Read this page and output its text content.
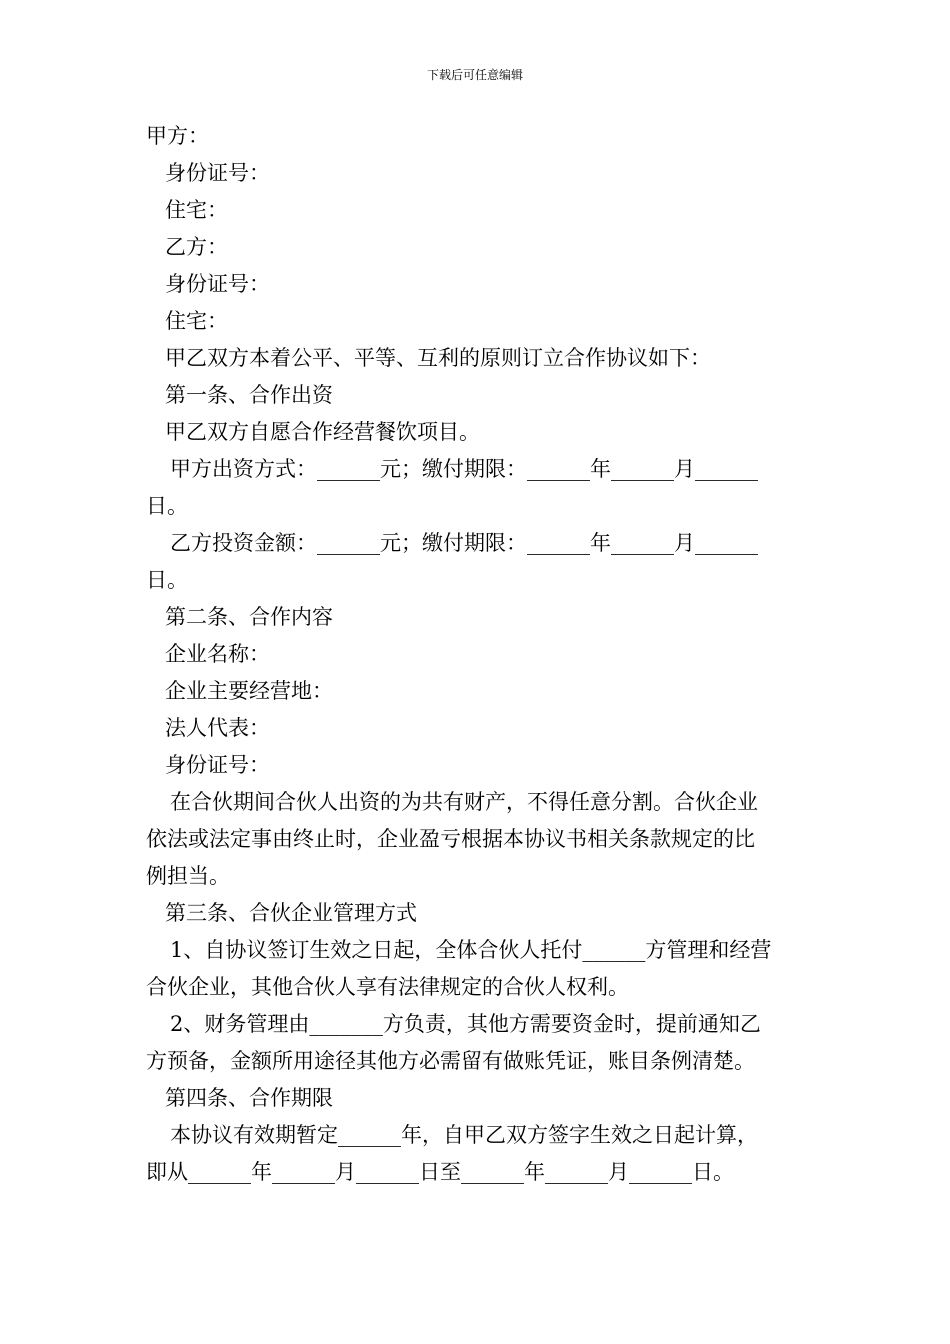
下载后可任意编辑
甲方：
身份证号：
住宅：
乙方：
身份证号：
住宅：
甲乙双方本着公平、平等、互利的原则订立合作协议如下：
第一条、合作出资
甲乙双方自愿合作经营餐饮项目。
甲方出资方式：______元；缴付期限：______年______月______
日。
乙方投资金额：______元；缴付期限：______年______月______
日。
第二条、合作内容
企业名称：
企业主要经营地：
法人代表：
身份证号：
在合伙期间合伙人出资的为共有财产，不得任意分割。合伙企业
依法或法定事由终止时，企业盈亏根据本协议书相关条款规定的比
例担当。
第三条、合伙企业管理方式
1、自协议签订生效之日起，全体合伙人托付______方管理和经营
合伙企业，其他合伙人享有法律规定的合伙人权利。
2、财务管理由_______方负责，其他方需要资金时，提前通知乙
方预备，金额所用途径其他方必需留有做账凭证，账目条例清楚。
第四条、合作期限
本协议有效期暂定______年，自甲乙双方签字生效之日起计算，
即从______年______月______日至______年______月______日。
